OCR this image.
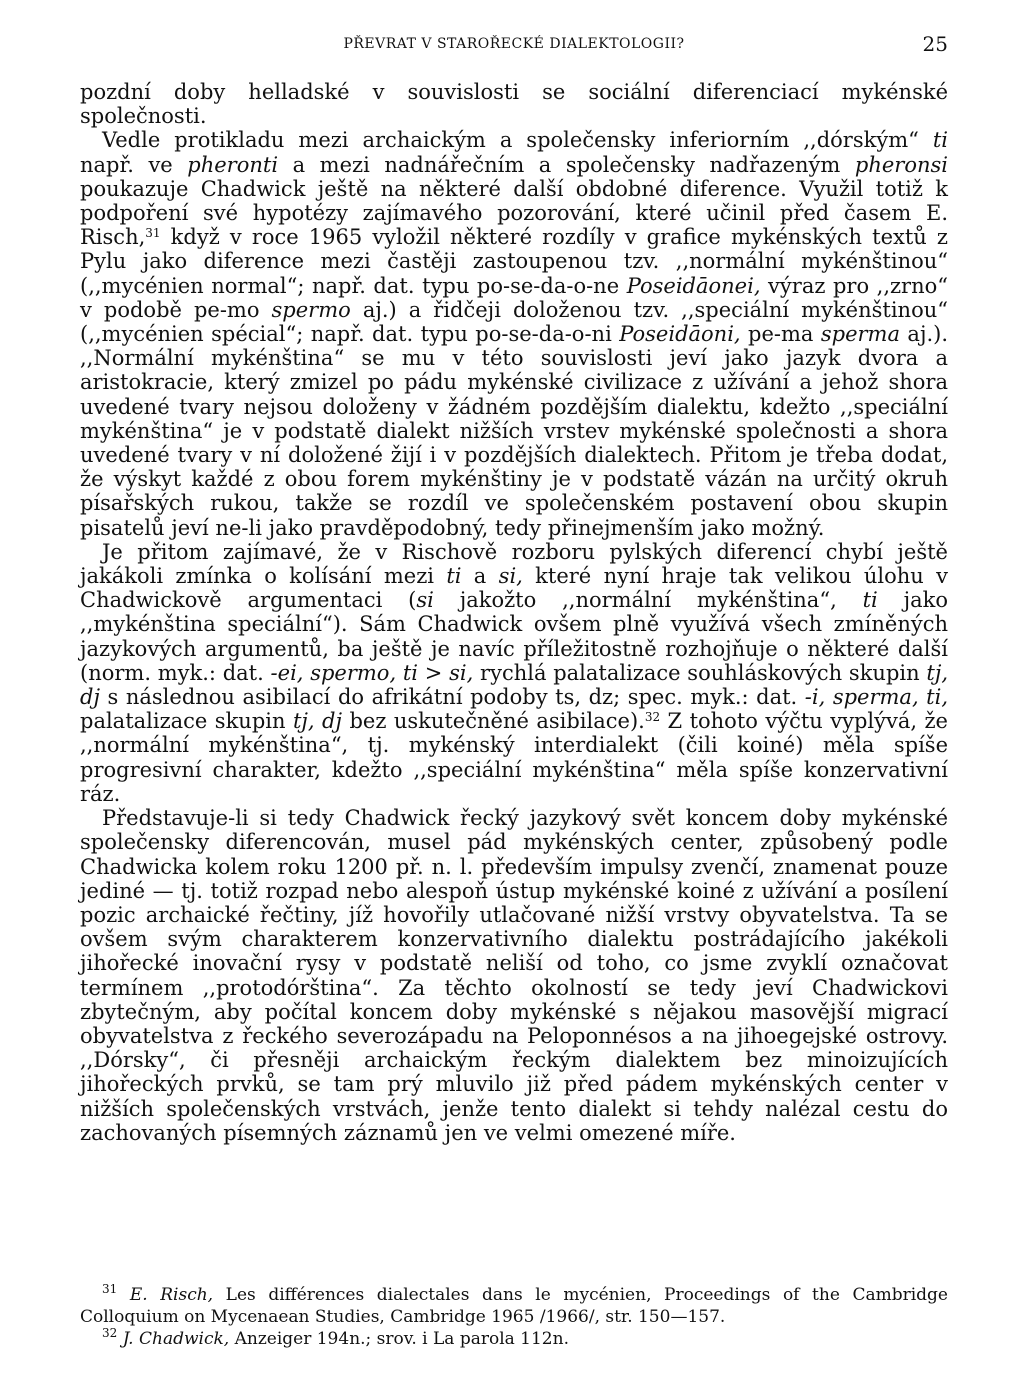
PŘEVRAT V STAROŘECKÉ DIALEKTOLOGII?	25

pozdní doby helladské v souvislosti se sociální diferenciací mykénské společnosti.

Vedle protikladu mezi archaickým a společensky inferiorním ,,dórským“ ti např. ve pheronti a mezi nadnářečním a společensky nadřazeným pheronsi poukazuje Chadwick ještě na některé další obdobné diference. Využil totiž k podpoření své hypotézy zajímavého pozorování, které učinil před časem E. Risch,$^{31}$ když v roce 1965 vyložil některé rozdíly v grafice mykénských textů z Pylu jako diference mezi častěji zastoupenou tzv. ,,normální mykénštinou“ (,,mycénien normal“; např. dat. typu po-se-da-o-ne Poseidāonei, výraz pro ,,zrno“ v podobě pe-mo spermo aj.) a řidčeji doloženou tzv. ,,speciální mykénštinou“ (,,mycénien spécial“; např. dat. typu po-se-da-o-ni Poseidāoni, pe-ma sperma aj.). ,,Normální mykénština“ se mu v této souvislosti jeví jako jazyk dvora a aristokracie, který zmizel po pádu mykénské civilizace z užívání a jehož shora uvedené tvary nejsou doloženy v žádném pozdějším dialektu, kdežto ,,speciální mykénština“ je v podstatě dialekt nižších vrstev mykénské společnosti a shora uvedené tvary v ní doložené žijí i v pozdějších dialektech. Přitom je třeba dodat, že výskyt každé z obou forem mykénštiny je v podstatě vázán na určitý okruh písařských rukou, takže se rozdíl ve společenském postavení obou skupin pisatelů jeví ne-li jako pravděpodobný, tedy přinejmenším jako možný.

Je přitom zajímavé, že v Rischově rozboru pylských diferencí chybí ještě jakákoli zmínka o kolísání mezi ti a si, které nyní hraje tak velikou úlohu v Chadwickově argumentaci (si jakožto ,,normální mykénština“, ti jako ,,mykénština speciální“). Sám Chadwick ovšem plně využívá všech zmíněných jazykových argumentů, ba ještě je navíc příležitostně rozhojňuje o některé další (norm. myk.: dat. -ei, spermo, ti > si, rychlá palatalizace souhláskových skupin tj, dj s následnou asibilací do afrikátní podoby ts, dz; spec. myk.: dat. -i, sperma, ti, palatalizace skupin tj, dj bez uskutečněné asibilace).$^{32}$ Z tohoto výčtu vyplývá, že ,,normální mykénština“, tj. mykénský interdialekt (čili koiné) měla spíše progresivní charakter, kdežto ,,speciální mykénština“ měla spíše konzervativní ráz.

Představuje-li si tedy Chadwick řecký jazykový svět koncem doby mykénské společensky diferencován, musel pád mykénských center, způsobený podle Chadwicka kolem roku 1200 př. n. l. především impulsy zvenčí, znamenat pouze jediné — tj. totiž rozpad nebo alespoň ústup mykénské koiné z užívání a posílení pozic archaické řečtiny, jíž hovořily utlačované nižší vrstvy obyvatelstva. Ta se ovšem svým charakterem konzervativního dialektu postrádajícího jakékoli jihořecké inovační rysy v podstatě neliší od toho, co jsme zvyklí označovat termínem ,,protodórština“. Za těchto okolností se tedy jeví Chadwickovi zbytečným, aby počítal koncem doby mykénské s nějakou masovější migrací obyvatelstva z řeckého severozápadu na Peloponnésos a na jihoegejské ostrovy. ,,Dórsky“, či přesněji archaickým řeckým dialektem bez minoizujících jihořeckých prvků, se tam prý mluvilo již před pádem mykénských center v nižších společenských vrstvách, jenže tento dialekt si tehdy nalézal cestu do zachovaných písemných záznamů jen ve velmi omezené míře.

$^{31}$ E. Risch, Les différences dialectales dans le mycénien, Proceedings of the Cambridge Colloquium on Mycenaean Studies, Cambridge 1965 /1966/, str. 150—157.

$^{32}$ J. Chadwick, Anzeiger 194n.; srov. i La parola 112n.
